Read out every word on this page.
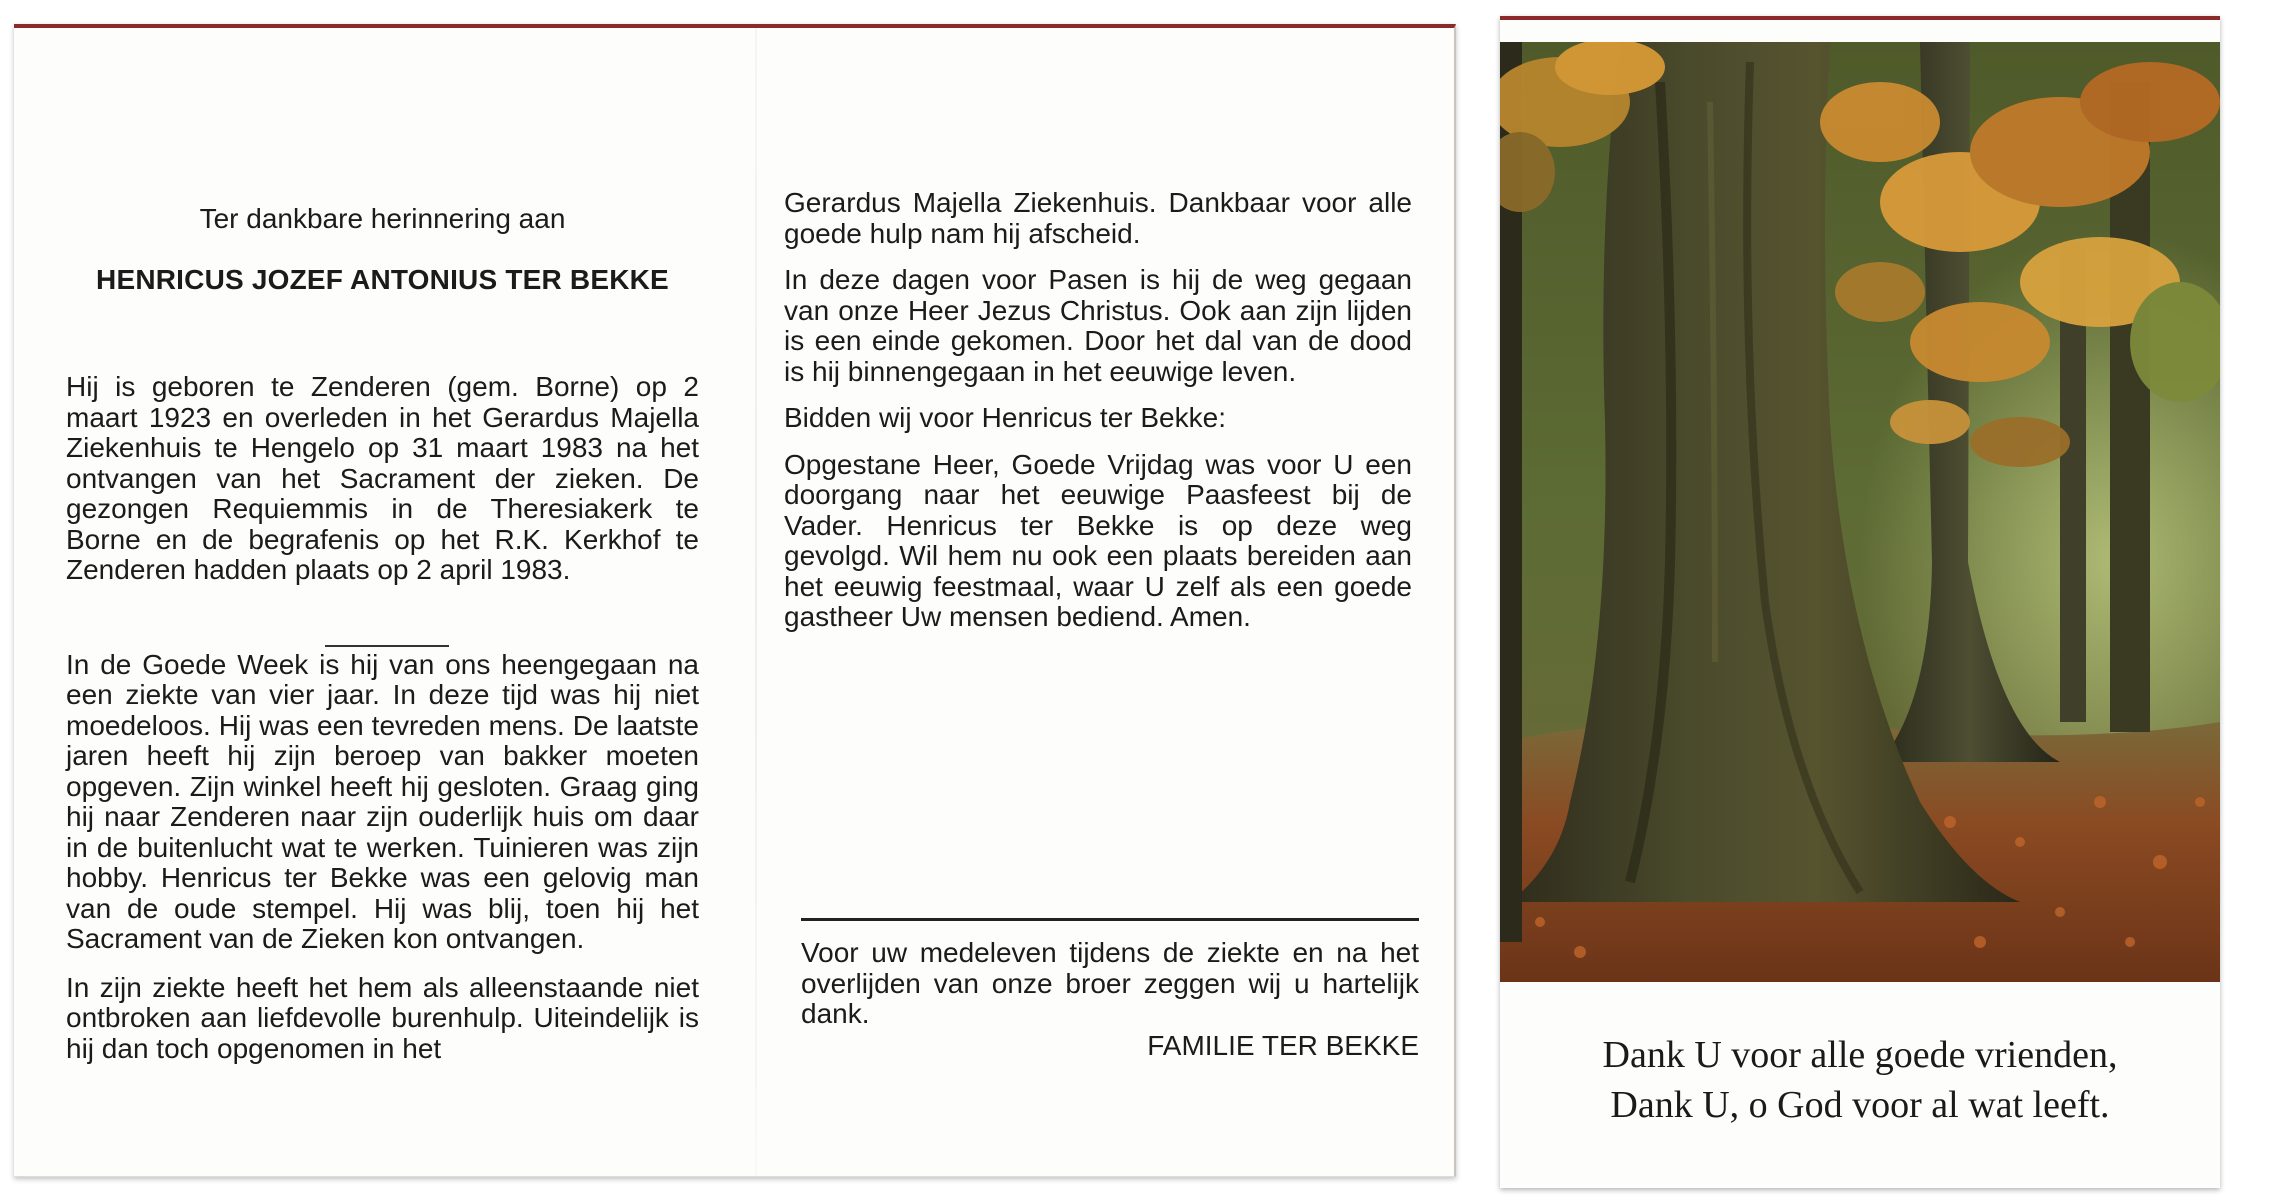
Ter dankbare herinnering aan
HENRICUS JOZEF ANTONIUS TER BEKKE

Hij is geboren te Zenderen (gem. Borne) op 2 maart 1923 en overleden in het Gerardus Majella Ziekenhuis te Hengelo op 31 maart 1983 na het ontvangen van het Sacrament der zieken. De gezongen Requiemmis in de Theresiakerk te Borne en de begrafenis op het R.K. Kerkhof te Zenderen hadden plaats op 2 april 1983.

In de Goede Week is hij van ons heengegaan na een ziekte van vier jaar. In deze tijd was hij niet moedeloos. Hij was een tevreden mens. De laatste jaren heeft hij zijn beroep van bakker moeten opgeven. Zijn winkel heeft hij gesloten. Graag ging hij naar Zenderen naar zijn ouderlijk huis om daar in de buitenlucht wat te werken. Tuinieren was zijn hobby. Henricus ter Bekke was een gelovig man van de oude stempel. Hij was blij, toen hij het Sacrament van de Zieken kon ontvangen.

In zijn ziekte heeft het hem als alleenstaande niet ontbroken aan liefdevolle burenhulp. Uiteindelijk is hij dan toch opgenomen in het

Gerardus Majella Ziekenhuis. Dankbaar voor alle goede hulp nam hij afscheid.

In deze dagen voor Pasen is hij de weg gegaan van onze Heer Jezus Christus. Ook aan zijn lijden is een einde gekomen. Door het dal van de dood is hij binnengegaan in het eeuwige leven.

Bidden wij voor Henricus ter Bekke:

Opgestane Heer, Goede Vrijdag was voor U een doorgang naar het eeuwige Paasfeest bij de Vader. Henricus ter Bekke is op deze weg gevolgd. Wil hem nu ook een plaats bereiden aan het eeuwig feestmaal, waar U zelf als een goede gastheer Uw mensen bediend. Amen.

Voor uw medeleven tijdens de ziekte en na het overlijden van onze broer zeggen wij u hartelijk dank.
FAMILIE TER BEKKE	Dank U voor alle goede vrienden,
Dank U, o God voor al wat leeft.
